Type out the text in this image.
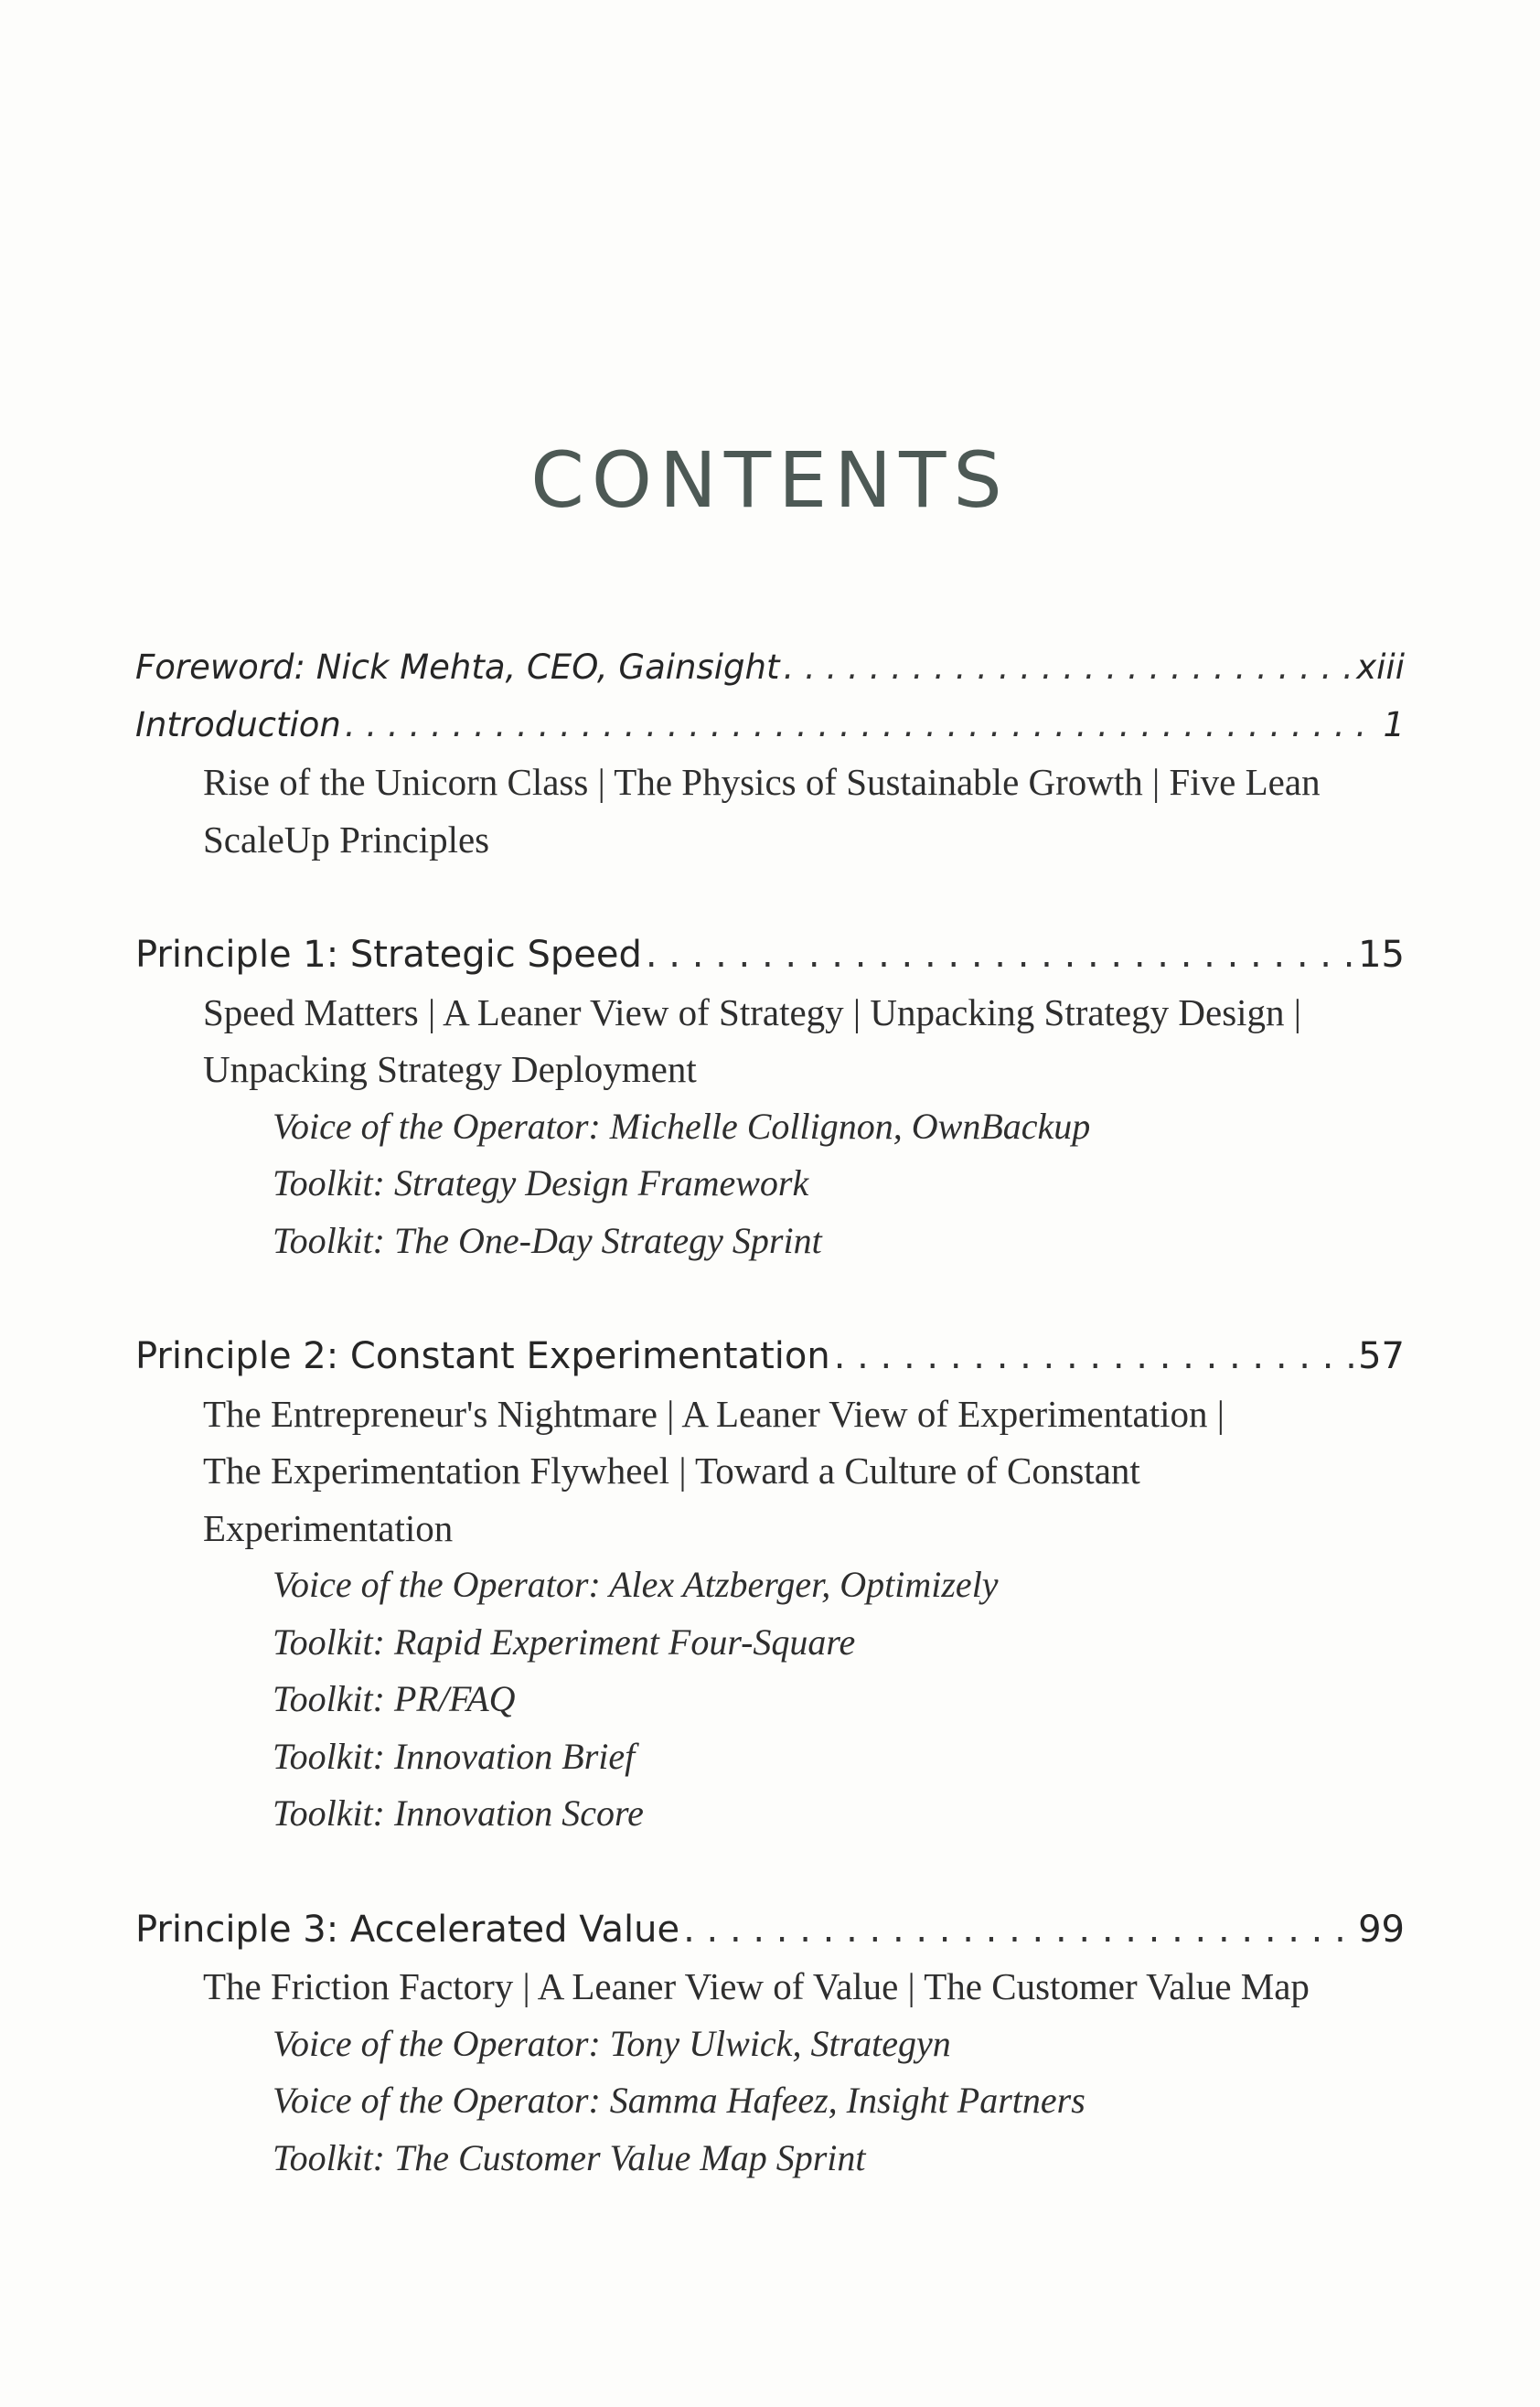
CONTENTS
Foreword: Nick Mehta, CEO, Gainsight . . .	xiii
Introduction . . .	1
Rise of the Unicorn Class | The Physics of Sustainable Growth | Five Lean
ScaleUp Principles
Principle 1: Strategic Speed . . .	15
Speed Matters | A Leaner View of Strategy | Unpacking Strategy Design |
Unpacking Strategy Deployment
Voice of the Operator: Michelle Collignon, OwnBackup
Toolkit: Strategy Design Framework
Toolkit: The One-Day Strategy Sprint
Principle 2: Constant Experimentation . . .	57
The Entrepreneur's Nightmare | A Leaner View of Experimentation |
The Experimentation Flywheel | Toward a Culture of Constant
Experimentation
Voice of the Operator: Alex Atzberger, Optimizely
Toolkit: Rapid Experiment Four-Square
Toolkit: PR/FAQ
Toolkit: Innovation Brief
Toolkit: Innovation Score
Principle 3: Accelerated Value . . .	99
The Friction Factory | A Leaner View of Value | The Customer Value Map
Voice of the Operator: Tony Ulwick, Strategyn
Voice of the Operator: Samma Hafeez, Insight Partners
Toolkit: The Customer Value Map Sprint
